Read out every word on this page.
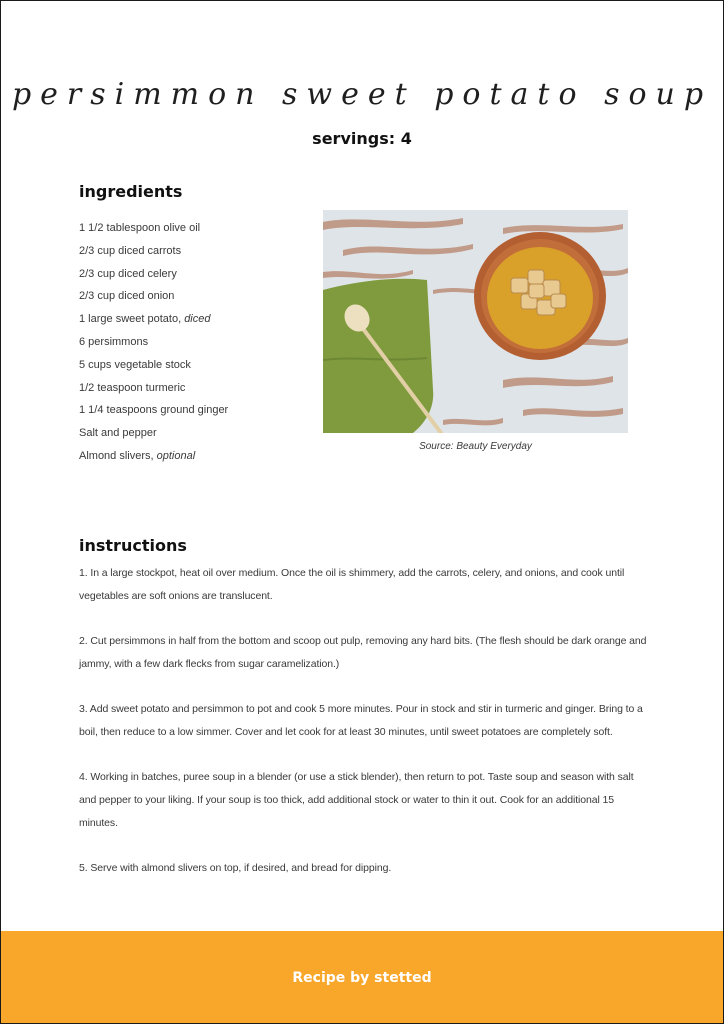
persimmon sweet potato soup
servings: 4
ingredients
1 1/2 tablespoon olive oil
2/3 cup diced carrots
2/3 cup diced celery
2/3 cup diced onion
1 large sweet potato, diced
6 persimmons
5 cups vegetable stock
1/2 teaspoon turmeric
1 1/4 teaspoons ground ginger
Salt and pepper
Almond slivers, optional
Source: Beauty Everyday
instructions

1. In a large stockpot, heat oil over medium. Once the oil is shimmery, add the carrots, celery, and onions, and cook until vegetables are soft onions are translucent.

2. Cut persimmons in half from the bottom and scoop out pulp, removing any hard bits. (The flesh should be dark orange and jammy, with a few dark flecks from sugar caramelization.)

3. Add sweet potato and persimmon to pot and cook 5 more minutes. Pour in stock and stir in turmeric and ginger. Bring to a boil, then reduce to a low simmer. Cover and let cook for at least 30 minutes, until sweet potatoes are completely soft.

4. Working in batches, puree soup in a blender (or use a stick blender), then return to pot. Taste soup and season with salt and pepper to your liking. If your soup is too thick, add additional stock or water to thin it out. Cook for an additional 15 minutes.

5. Serve with almond slivers on top, if desired, and bread for dipping.

Recipe by stetted
